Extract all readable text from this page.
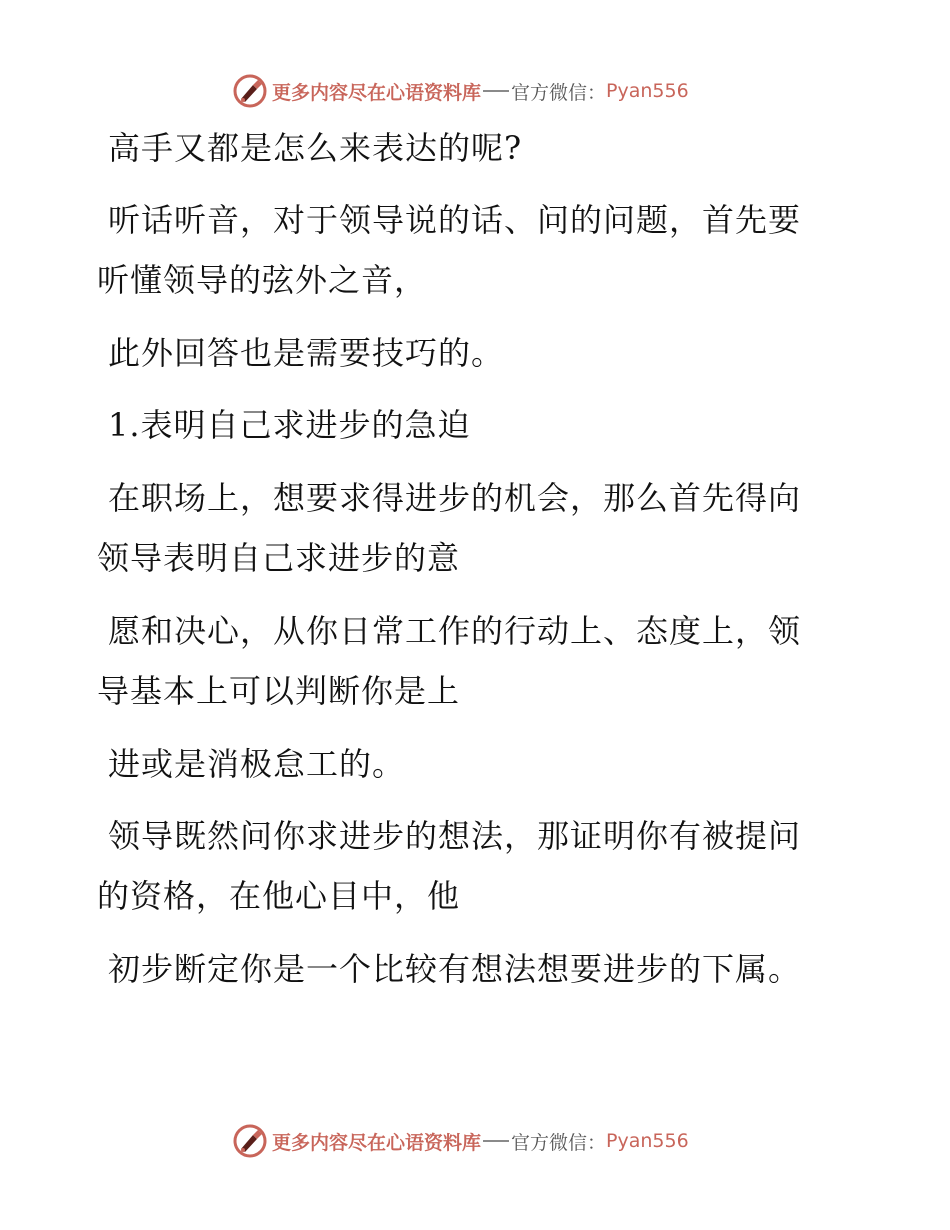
更多内容尽在心语资料库 官方微信： Pyan556
高手又都是怎么来表达的呢?
听话听音，对于领导说的话、问的问题，首先要
听懂领导的弦外之音，
此外回答也是需要技巧的。
1.表明自己求进步的急迫
在职场上，想要求得进步的机会，那么首先得向
领导表明自己求进步的意
愿和决心，从你日常工作的行动上、态度上，领
导基本上可以判断你是上
进或是消极怠工的。
领导既然问你求进步的想法，那证明你有被提问
的资格，在他心目中，他
初步断定你是一个比较有想法想要进步的下属。
更多内容尽在心语资料库 官方微信： Pyan556
